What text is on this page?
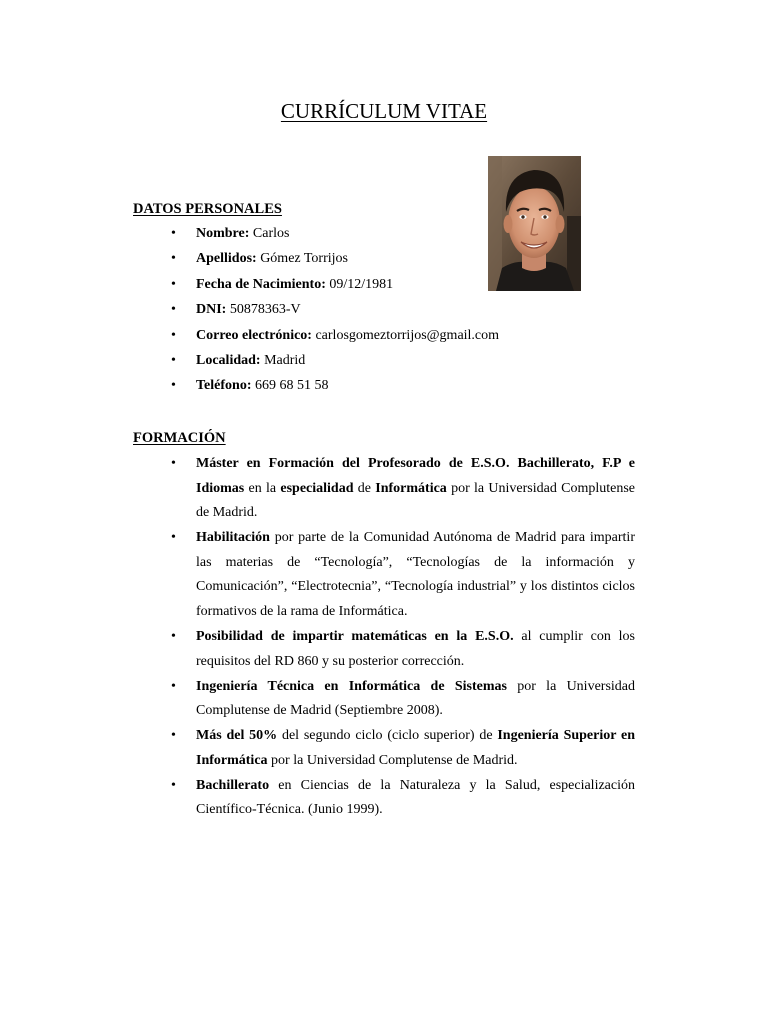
CURRÍCULUM VITAE
DATOS PERSONALES
• Nombre: Carlos
• Apellidos: Gómez Torrijos
• Fecha de Nacimiento: 09/12/1981
• DNI: 50878363-V
• Correo electrónico: carlosgomeztorrijos@gmail.com
• Localidad: Madrid
• Teléfono: 669 68 51 58
FORMACIÓN
• Máster en Formación del Profesorado de E.S.O. Bachillerato, F.P e Idiomas en la especialidad de Informática por la Universidad Complutense de Madrid.
• Habilitación por parte de la Comunidad Autónoma de Madrid para impartir las materias de “Tecnología”, “Tecnologías de la información y Comunicación”, “Electrotecnia”, “Tecnología industrial” y los distintos ciclos formativos de la rama de Informática.
• Posibilidad de impartir matemáticas en la E.S.O. al cumplir con los requisitos del RD 860 y su posterior corrección.
• Ingeniería Técnica en Informática de Sistemas por la Universidad Complutense de Madrid (Septiembre 2008).
• Más del 50% del segundo ciclo (ciclo superior) de Ingeniería Superior en Informática por la Universidad Complutense de Madrid.
• Bachillerato en Ciencias de la Naturaleza y la Salud, especialización Científico-Técnica. (Junio 1999).
